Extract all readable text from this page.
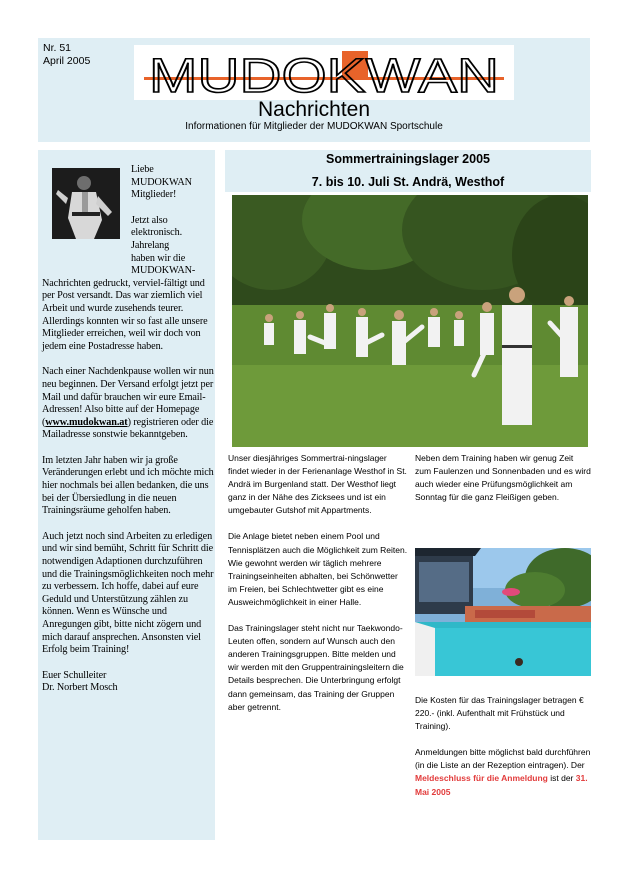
Nr. 51
April 2005 MUDOKWAN
Nachrichten
Informationen für Mitglieder der MUDOKWAN Sportschule

Liebe
MUDOKWAN
Mitglieder!

Jetzt also
elektronisch.
Jahrelang
haben wir die
MUDOKWAN-

Nachrichten gedruckt, verviel-fältigt und per Post versandt. Das war ziemlich viel Arbeit und wurde zusehends teurer. Allerdings konnten wir so fast alle unsere Mitglieder erreichen, weil wir doch von jedem eine Postadresse haben.

Nach einer Nachdenkpause wollen wir nun neu beginnen. Der Versand erfolgt jetzt per Mail und dafür brauchen wir eure Email-Adressen! Also bitte auf der Homepage (www.mudokwan.at) registrieren oder die Mailadresse sonstwie bekanntgeben.

Im letzten Jahr haben wir ja große Veränderungen erlebt und ich möchte mich hier nochmals bei allen bedanken, die uns bei der Übersiedlung in die neuen Trainingsräume geholfen haben.

Auch jetzt noch sind Arbeiten zu erledigen und wir sind bemüht, Schritt für Schritt die notwendigen Adaptionen durchzuführen und die Trainingsmöglichkeiten noch mehr zu verbessern. Ich hoffe, dabei auf eure Geduld und Unterstützung zählen zu können. Wenn es Wünsche und Anregungen gibt, bitte nicht zögern und mich darauf ansprechen. Ansonsten viel Erfolg beim Training!

Euer Schulleiter
Dr. Norbert Mosch

Sommertrainingslager 2005
7. bis 10. Juli St. Andrä, Westhof

Unser diesjähriges Sommertrai-ningslager findet wieder in der Ferienanlage Westhof in St. Andrä im Burgenland statt. Der Westhof liegt ganz in der Nähe des Zicksees und ist ein umgebauter Gutshof mit Appartments.

Die Anlage bietet neben einem Pool und Tennisplätzen auch die Möglichkeit zum Reiten. Wie gewohnt werden wir täglich mehrere Trainingseinheiten abhalten, bei Schönwetter im Freien, bei Schlechtwetter gibt es eine Ausweichmöglichkeit in einer Halle.

Das Trainingslager steht nicht nur Taekwondo-Leuten offen, sondern auf Wunsch auch den anderen Trainingsgruppen. Bitte melden und wir werden mit den Gruppentrainingsleitern die Details besprechen. Die Unterbringung erfolgt dann gemeinsam, das Training der Gruppen aber getrennt.

Neben dem Training haben wir genug Zeit zum Faulenzen und Sonnenbaden und es wird auch wieder eine Prüfungsmöglichkeit am Sonntag für die ganz Fleißigen geben.

Die Kosten für das Trainingslager betragen € 220.- (inkl. Aufenthalt mit Frühstück und Training).

Anmeldungen bitte möglichst bald durchführen (in die Liste an der Rezeption eintragen). Der Meldeschluss für die Anmeldung ist der 31. Mai 2005
